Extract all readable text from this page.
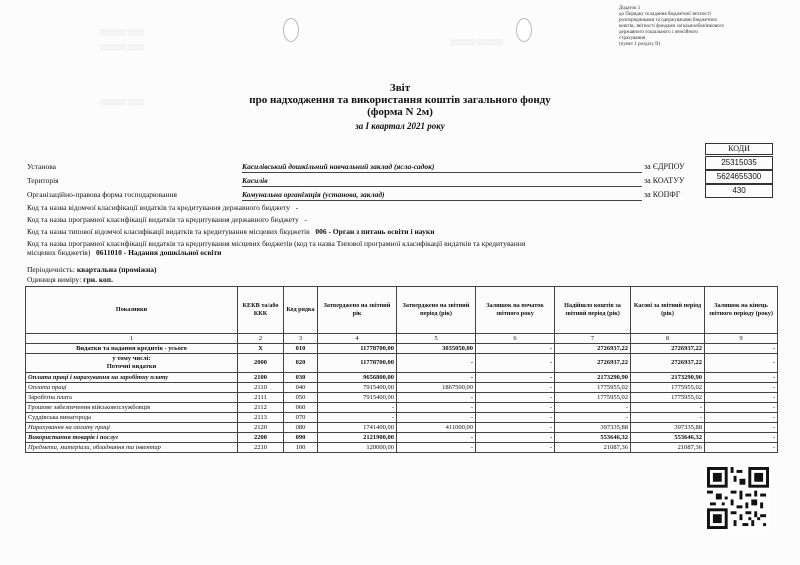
▒▒▒▒▒▒ ▒▒▒▒
▒▒▒▒▒▒ ▒▒▒▒
▒▒▒▒▒▒ ▒▒▒▒
▒▒▒▒▒▒ ▒▒▒▒▒▒
Додаток 1
до Порядку складання бюджетної звітності
розпорядниками та одержувачами бюджетних
коштів, звітності фондами загальнообов'язкового
державного соціального і пенсійного
страхування
(пункт 1 розділу II)
Звіт
про надходження та використання коштів загального фонду
(форма N 2м)
за I квартал 2021 року
КОДИ
Установа	Касилівський дошкільний навчальний заклад (ясла-садок)	за ЄДРПОУ	25315035
Територія	Касилів	за КОАТУУ	5624655300
Організаційно-правова форма господарювання	Комунальна організація (установа, заклад)	за КОПФГ	430
Код та назва відомчої класифікації видатків та кредитування державного бюджету -
Код та назва програмної класифікації видатків та кредитування державного бюджету -
Код та назва типової відомчої класифікації видатків та кредитування місцевих бюджетів 006 - Орган з питань освіти і науки
Код та назва програмної класифікації видатків та кредитування місцевих бюджетів (код та назва Типової програмної класифікації видатків та кредитування
місцевих бюджетів) 0611010 - Надання дошкільної освіти
Періодичність: квартальна (проміжна)
Одиниця виміру: грн. коп.
Показники	КЕКВ та/або ККК	Код рядка	Затверджено на звітний рік	Затверджено на звітний період (рік)	Залишок на початок звітного року	Надійшло коштів за звітний період (рік)	Касові за звітний період (рік)	Залишок на кінець звітного періоду (року)
1	2	3	4	5	6	7	8	9
Видатки та надання кредитів - усього	X	010	11778700,00	3035050,00	-	2726937,22	2726937,22	-

у тому числі:
Поточні видатки	2000	020	11778700,00	-	-	2726937,22	2726937,22	-
Оплата праці і нарахування на заробітну плату	2100	030	9656800,00	-	-	2173290,90	2173290,90	-
Оплата праці	2110	040	7915400,00	1867500,00	-	1775955,02	1775955,02	-
Заробітна плата	2111	050	7915400,00	-	-	1775955,02	1775955,02	-
Грошове забезпечення військовослужбовців	2112	060	-	-	-	-	-	-
Суддівська винагорода	2113	070	-	-	-	-	-	-
Нарахування на оплату праці	2120	080	1741400,00	411000,00	-	397335,88	397335,88	-
Використання товарів і послуг	2200	090	2121900,00	-	-	553646,32	553646,32	-
Предмети, матеріали, обладнання та інвентар	2210	100	120000,00	-	-	21087,36	21087,36	-
